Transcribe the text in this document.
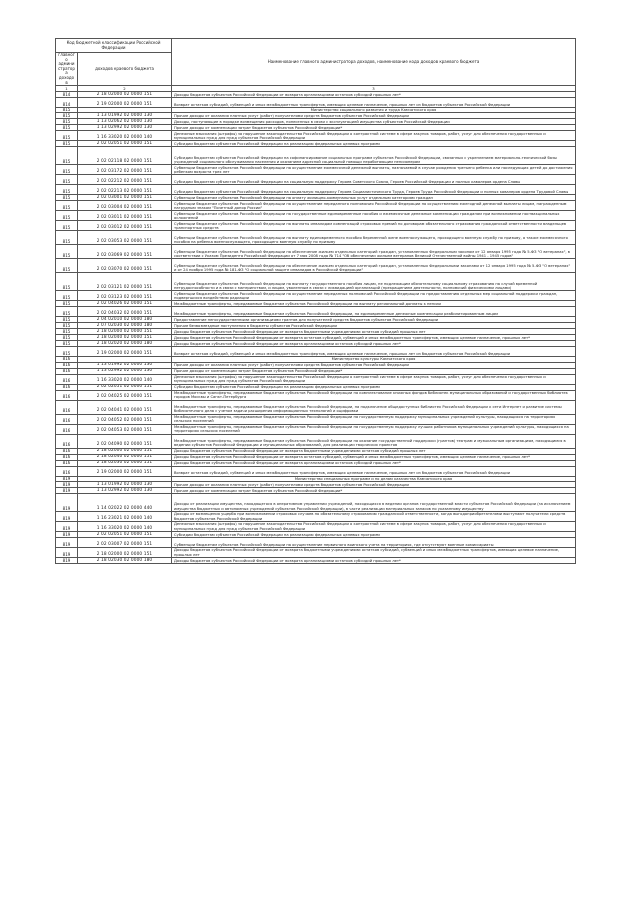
Код бюджетной классификации Российской Федерации		Наименование главного администратора доходов, наименование кода доходов краевого бюджета
главного администратора доходов	доходов краевого бюджета	
1	2	3
814	2 18 02000 02 0000 151	Доходы бюджетов субъектов Российской Федерации от возврата организациями остатков субсидий прошлых лет*
814	2 19 02000 02 0000 151	Возврат остатков субсидий, субвенций и иных межбюджетных трансфертов, имеющих целевое назначение, прошлых лет из бюджетов субъектов Российской Федерации
815		Министерство социального развития и труда Камчатского края
815	1 13 01992 02 0000 130	Прочие доходы от оказания платных услуг (работ) получателями средств бюджетов субъектов Российской Федерации
815	1 13 02062 02 0000 130	Доходы, поступающие в порядке возмещения расходов, понесенных в связи с эксплуатацией имущества субъектов Российской Федерации
815	1 13 02992 02 0000 130	Прочие доходы от компенсации затрат бюджетов субъектов Российской Федерации*
815	1 16 33020 02 0000 140	Денежные взыскания (штрафы) за нарушение законодательства Российской Федерации о контрактной системе в сфере закупок товаров, работ, услуг для обеспечения государственных и муниципальных нужд для нужд субъектов Российской Федерации
815	2 02 02051 02 0000 151	Субсидии бюджетам субъектов Российской Федерации на реализацию федеральных целевых программ
815	2 02 02118 02 0000 151	Субсидии бюджетам субъектов Российской Федерации на софинансирование социальных программ субъектов Российской Федерации, связанных с укреплением материально-технической базы учреждений социального обслуживания населения и оказанием адресной социальной помощи неработающим пенсионерам
815	2 02 03172 02 0000 151	Субвенции бюджетам субъектов Российской Федерации на осуществление ежемесячной денежной выплаты, назначаемой в случае рождения третьего ребенка или последующих детей до достижения ребенком возраста трех лет
815	2 02 02212 02 0000 151	Субсидии бюджетам субъектов Российской Федерации на социальную поддержку Героев Советского Союза, Героев Российской Федерации и полных кавалеров ордена Славы
815	2 02 02213 02 0000 151	Субсидии бюджетам субъектов Российской Федерации на социальную поддержку Героев Социалистического Труда, Героев Труда Российской Федерации и полных кавалеров ордена Трудовой Славы
815	2 02 03001 02 0000 151	Субвенции бюджетам субъектов Российской Федерации на оплату жилищно-коммунальных услуг отдельным категориям граждан
815	2 02 03004 02 0000 151	Субвенции бюджетам субъектов Российской Федерации на осуществление переданного полномочия Российской Федерации по осуществлению ежегодной денежной выплаты лицам, награжденным нагрудным знаком "Почетный донор России"
815	2 02 03011 02 0000 151	Субвенции бюджетам субъектов Российской Федерации на государственные единовременные пособия и ежемесячные денежные компенсации гражданам при возникновении поствакцинальных осложнений
815	2 02 03012 02 0000 151	Субвенции бюджетам субъектов Российской Федерации на выплаты инвалидам компенсаций страховых премий по договорам обязательного страхования гражданской ответственности владельцев транспортных средств
815	2 02 03053 02 0000 151	Субвенции бюджетам субъектов Российской Федерации на выплату единовременного пособия беременной жене военнослужащего, проходящего военную службу по призыву, а также ежемесячного пособия на ребенка военнослужащего, проходящего военную службу по призыву
815	2 02 03069 02 0000 151	Субвенции бюджетам субъектов Российской Федерации на обеспечение жильем отдельных категорий граждан, установленных Федеральным законом от 12 января 1995 года № 5-ФЗ "О ветеранах", в соответствии с Указом Президента Российской Федерации от 7 мая 2008 года № 714 "Об обеспечении жильем ветеранов Великой Отечественной войны 1941 - 1945 годов"
815	2 02 03070 02 0000 151	Субвенции бюджетам субъектов Российской Федерации на обеспечение жильем отдельных категорий граждан, установленных Федеральными законами от 12 января 1995 года № 5-ФЗ "О ветеранах" и от 24 ноября 1995 года № 181-ФЗ "О социальной защите инвалидов в Российской Федерации"
815	2 02 03121 02 0000 151	Субвенции бюджетам субъектов Российской Федерации на выплату государственного пособия лицам, не подлежащим обязательному социальному страхованию на случай временной нетрудоспособности и в связи с материнством, и лицам, уволенным в связи с ликвидацией организаций (прекращением деятельности, полномочий физическими лицами)
815	2 02 03123 02 0000 151	Субвенции бюджетам субъектов Российской Федерации на осуществление переданных полномочий Российской Федерации по предоставлению отдельных мер социальной поддержки граждан, подвергшихся воздействию радиации
815	2 02 04026 02 0000 151	Межбюджетные трансферты, передаваемые бюджетам субъектов Российской Федерации на выплату региональной доплаты к пенсии
815	2 02 04032 02 0000 151	Межбюджетные трансферты, передаваемые бюджетам субъектов Российской Федерации, на единовременные денежные компенсации реабилитированным лицам
815	2 04 02010 02 0000 180	Предоставление негосударственными организациями грантов для получателей средств бюджетов субъектов Российской Федерации
815	2 07 02030 02 0000 180	Прочие безвозмездные поступления в бюджеты субъектов Российской Федерации
815	2 18 02000 02 0000 151	Доходы бюджетов субъектов Российской Федерации от возврата бюджетными учреждениями остатков субсидий прошлых лет
815	2 18 02040 02 0000 151	Доходы бюджетов субъектов Российской Федерации от возврата остатков субсидий, субвенций и иных межбюджетных трансфертов, имеющих целевое назначение, прошлых лет*
815	2 18 02020 02 0000 180	Доходы бюджетов субъектов Российской Федерации от возврата организациями остатков субсидий прошлых лет*
815	2 19 02000 02 0000 151	Возврат остатков субсидий, субвенций и иных межбюджетных трансфертов, имеющих целевое назначение, прошлых лет из бюджетов субъектов Российской Федерации
816		Министерство культуры Камчатского края
816	1 13 01992 02 0000 130	Прочие доходы от оказания платных услуг (работ) получателями средств бюджетов субъектов Российской Федерации
816	1 13 02992 02 0000 130	Прочие доходы от компенсации затрат бюджетов субъектов Российской Федерации*
816	1 16 33020 02 0000 140	Денежные взыскания (штрафы) за нарушение законодательства Российской Федерации о контрактной системе в сфере закупок товаров, работ, услуг для обеспечения государственных и муниципальных нужд для нужд субъектов Российской Федерации
816	2 02 02051 02 0000 151	Субсидии бюджетам субъектов Российской Федерации на реализацию федеральных целевых программ
816	2 02 04025 02 0000 151	Межбюджетные трансферты, передаваемые бюджетам субъектов Российской Федерации на комплектование книжных фондов библиотек муниципальных образований и государственных библиотек городов Москвы и Санкт-Петербурга
816	2 02 04041 02 0000 151	Межбюджетные трансферты, передаваемые бюджетам субъектов Российской Федерации, на подключение общедоступных библиотек Российской Федерации к сети Интернет и развитие системы библиотечного дела с учетом задачи расширения информационных технологий и оцифровки
816	2 02 04052 02 0000 151	Межбюджетные трансферты, передаваемые бюджетам субъектов Российской Федерации на государственную поддержку муниципальных учреждений культуры, находящихся на территориях сельских поселений
816	2 02 04053 02 0000 151	Межбюджетные трансферты, передаваемые бюджетам субъектов Российской Федерации на государственную поддержку лучших работников муниципальных учреждений культуры, находящихся на территориях сельских поселений
816	2 02 04090 02 0000 151	Межбюджетные трансферты, передаваемые бюджетам субъектов Российской Федерации на оказание государственной поддержки (грантов) театрам и музыкальным организациям, находящимся в ведении субъектов Российской Федерации и муниципальных образований, для реализации творческих проектов
816	2 18 02000 02 0000 151	Доходы бюджетов субъектов Российской Федерации от возврата бюджетными учреждениями остатков субсидий прошлых лет
816	2 18 02040 02 0000 151	Доходы бюджетов субъектов Российской Федерации от возврата остатков субсидий, субвенций и иных межбюджетных трансфертов, имеющих целевое назначение, прошлых лет*
816	2 18 02030 02 0000 151	Доходы бюджетов субъектов Российской Федерации от возврата организациями остатков субсидий прошлых лет*
816	2 19 02000 02 0000 151	Возврат остатков субсидий, субвенций и иных межбюджетных трансфертов, имеющих целевое назначение, прошлых лет из бюджетов субъектов Российской Федерации
819		Министерство специальных программ и по делам казачества Камчатского края
819	1 13 01992 02 0000 130	Прочие доходы от оказания платных услуг (работ) получателями средств бюджетов субъектов Российской Федерации
819	1 13 02992 02 0000 130	Прочие доходы от компенсации затрат бюджетов субъектов Российской Федерации*
819	1 14 02022 02 0000 440	Доходы от реализации имущества, находящегося в оперативном управлении учреждений, находящихся в ведении органов государственной власти субъектов Российской Федерации (за исключением имущества бюджетных и автономных учреждений субъектов Российской Федерации), в части реализации материальных запасов по указанному имуществу
819	1 16 23021 02 0000 140	Доходы от возмещения ущерба при возникновении страховых случаев по обязательному страхованию гражданской ответственности, когда выгодоприобретателями выступают получатели средств бюджетов субъектов Российской Федерации
819	1 16 33020 02 0000 140	Денежные взыскания (штрафы) за нарушение законодательства Российской Федерации о контрактной системе в сфере закупок товаров, работ, услуг для обеспечения государственных и муниципальных нужд для нужд субъектов Российской Федерации
819	2 02 02051 02 0000 151	Субсидии бюджетам субъектов Российской Федерации на реализацию федеральных целевых программ
819	2 02 03007 02 0000 151	Субвенции бюджетам субъектов Российской Федерации на осуществление первичного воинского учета на территориях, где отсутствуют военные комиссариаты
819	2 18 02000 02 0000 151	Доходы бюджетов субъектов Российской Федерации от возврата бюджетными учреждениями остатков субсидий, субвенций и иных межбюджетных трансфертов, имеющих целевое назначение, прошлых лет
819	2 18 02030 02 0000 180	Доходы бюджетов субъектов Российской Федерации от возврата организациями остатков субсидий прошлых лет*
